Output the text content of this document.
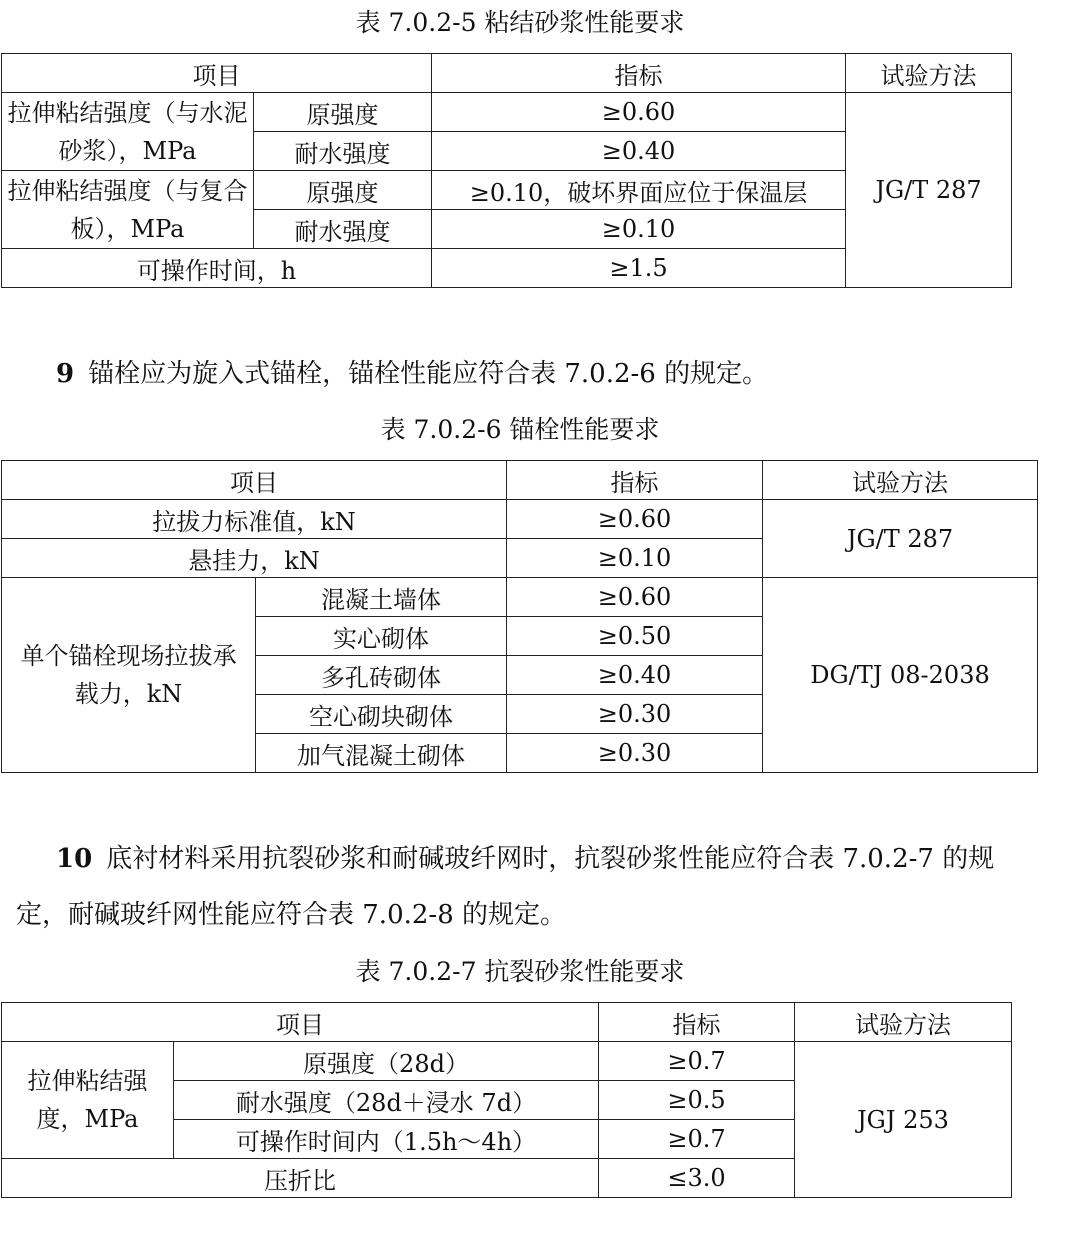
表 7.0.2-5 粘结砂浆性能要求
项目		指标	试验方法
拉伸粘结强度（与水泥砂浆），MPa	原强度	≥0.60	JG/T 287
	耐水强度	≥0.40	
拉伸粘结强度（与复合板），MPa	原强度	≥0.10，破坏界面应位于保温层	
	耐水强度	≥0.10	
可操作时间，h		≥1.5	

9 锚栓应为旋入式锚栓，锚栓性能应符合表 7.0.2-6 的规定。

表 7.0.2-6 锚栓性能要求
项目		指标	试验方法
拉拔力标准值，kN		≥0.60	JG/T 287
悬挂力，kN		≥0.10	
单个锚栓现场拉拔承载力，kN	混凝土墙体	≥0.60	DG/TJ 08-2038
	实心砌体	≥0.50	
	多孔砖砌体	≥0.40	
	空心砌块砌体	≥0.30	
	加气混凝土砌体	≥0.30	

10 底衬材料采用抗裂砂浆和耐碱玻纤网时，抗裂砂浆性能应符合表 7.0.2-7 的规定，耐碱玻纤网性能应符合表 7.0.2-8 的规定。

表 7.0.2-7 抗裂砂浆性能要求
项目		指标	试验方法
拉伸粘结强度，MPa	原强度（28d）	≥0.7	JGJ 253
	耐水强度（28d＋浸水 7d）	≥0.5	
	可操作时间内（1.5h～4h）	≥0.7	
压折比		≤3.0	
